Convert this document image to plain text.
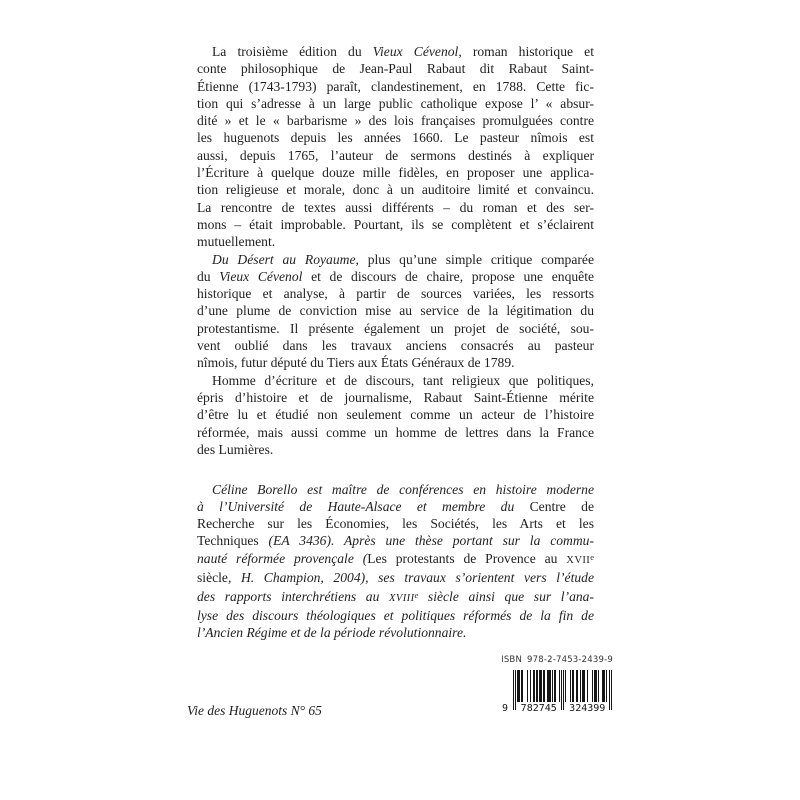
La troisième édition du Vieux Cévenol, roman historique et
conte philosophique de Jean-Paul Rabaut dit Rabaut Saint-
Étienne (1743-1793) paraît, clandestinement, en 1788. Cette fic-
tion qui s’adresse à un large public catholique expose l’ « absur-
dité » et le « barbarisme » des lois françaises promulguées contre
les huguenots depuis les années 1660. Le pasteur nîmois est
aussi, depuis 1765, l’auteur de sermons destinés à expliquer
l’Écriture à quelque douze mille fidèles, en proposer une applica-
tion religieuse et morale, donc à un auditoire limité et convaincu.
La rencontre de textes aussi différents – du roman et des ser-
mons – était improbable. Pourtant, ils se complètent et s’éclairent
mutuellement.
Du Désert au Royaume, plus qu’une simple critique comparée
du Vieux Cévenol et de discours de chaire, propose une enquête
historique et analyse, à partir de sources variées, les ressorts
d’une plume de conviction mise au service de la légitimation du
protestantisme. Il présente également un projet de société, sou-
vent oublié dans les travaux anciens consacrés au pasteur
nîmois, futur député du Tiers aux États Généraux de 1789.
Homme d’écriture et de discours, tant religieux que politiques,
épris d’histoire et de journalisme, Rabaut Saint-Étienne mérite
d’être lu et étudié non seulement comme un acteur de l’histoire
réformée, mais aussi comme un homme de lettres dans la France
des Lumières.
Céline Borello est maître de conférences en histoire moderne
à l’Université de Haute-Alsace et membre du Centre de
Recherche sur les Économies, les Sociétés, les Arts et les
Techniques (EA 3436). Après une thèse portant sur la commu-
nauté réformée provençale (Les protestants de Provence au XVIIe
siècle, H. Champion, 2004), ses travaux s’orientent vers l’étude
des rapports interchrétiens au XVIIIe siècle ainsi que sur l’ana-
lyse des discours théologiques et politiques réformés de la fin de
l’Ancien Régime et de la période révolutionnaire.
ISBN 978-2-7453-2439-9
9	782745	324399
Vie des Huguenots N° 65
